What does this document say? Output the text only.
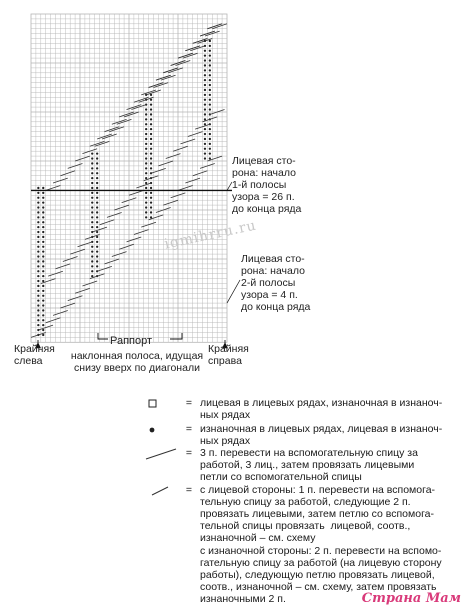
igmihrru.ru
Лицевая сто-
рона: начало
1-й полосы
узора = 26 п.
до конца ряда
Лицевая сто-
рона: начало
2-й полосы
узора = 4 п.
до конца ряда
Крайняя
слева
Крайняя
справа
Раппорт
наклонная полоса, идущая
снизу вверх по диагонали
= лицевая в лицевых рядах, изнаночная в изнаноч-
ных рядах
= изнаночная в лицевых рядах, лицевая в изнаноч-
ных рядах
= 3 п. перевести на вспомогательную спицу за
работой, 3 лиц., затем провязать лицевыми
петли со вспомогательной спицы
= с лицевой стороны: 1 п. перевести на вспомога-
тельную спицу за работой, следующие 2 п.
провязать лицевыми, затем петлю со вспомога-
тельной спицы провязать  лицевой, соотв.,
изнаночной – см. схему
с изнаночной стороны: 2 п. перевести на вспомо-
гательную спицу за работой (на лицевую сторону
работы), следующую петлю провязать лицевой,
соотв., изнаночной – см. схему, затем провязать
изнаночными 2 п.	Страна Мам
